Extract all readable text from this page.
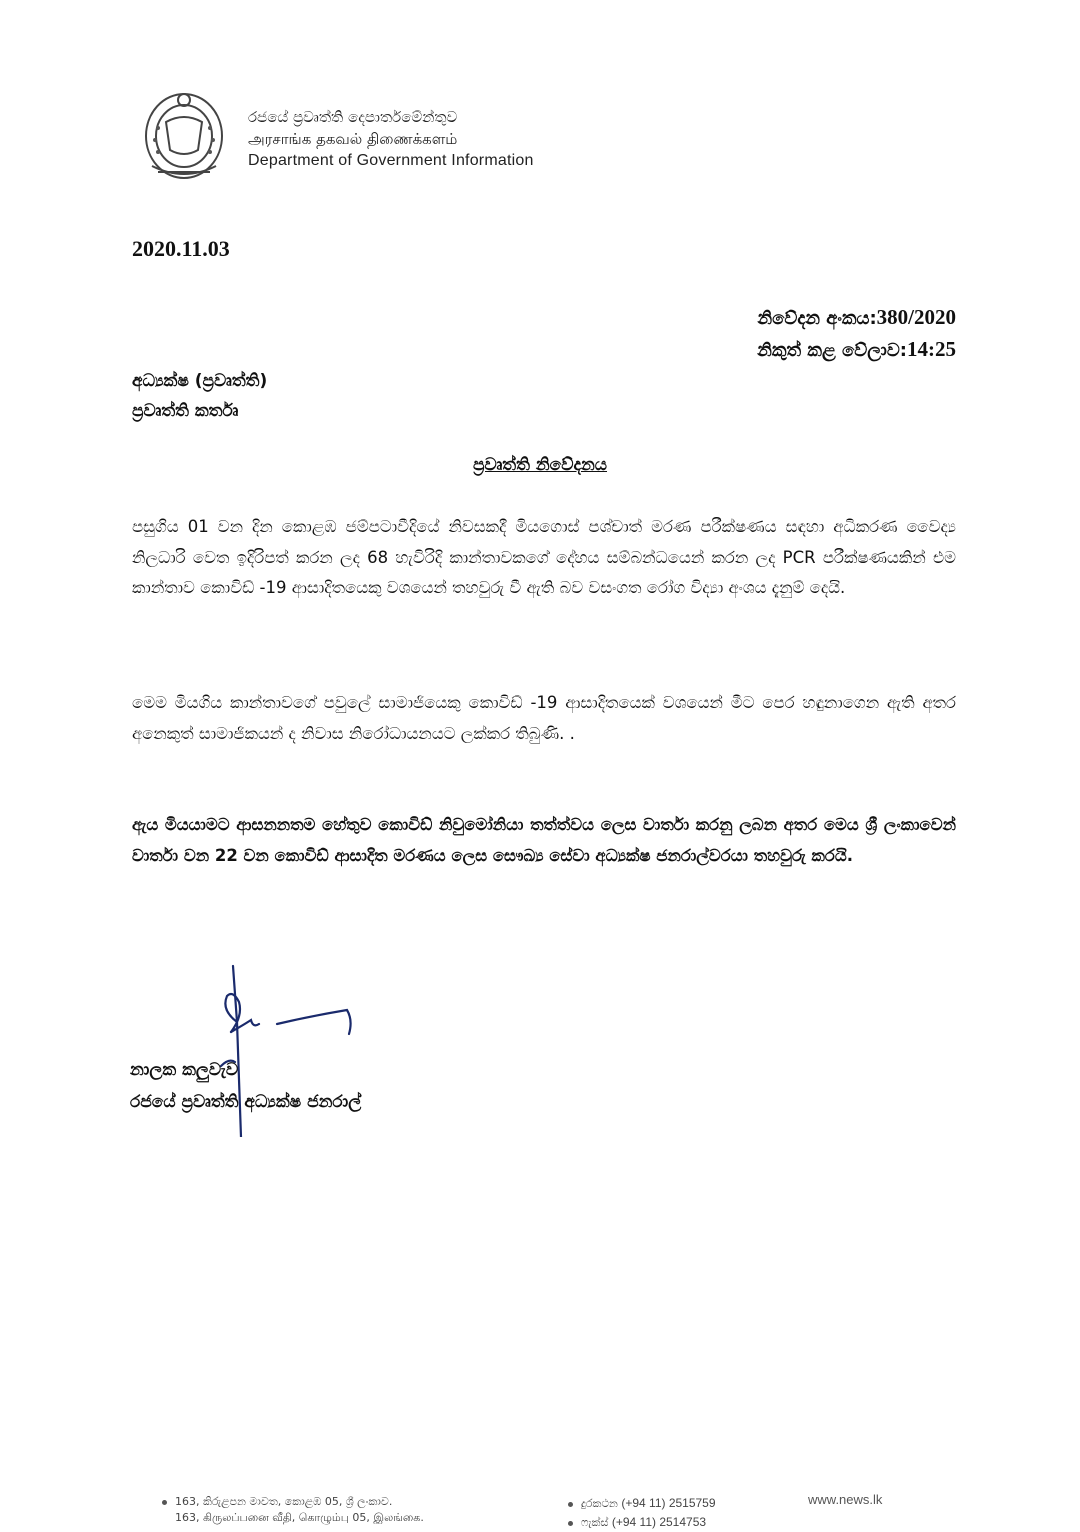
රජයේ ප්‍රවෘත්ති දෙපාර්තමේන්තුව
அரசாங்க தகவல் திணைக்களம்
Department of Government Information
2020.11.03
නිවේදන අංකය:380/2020
නිකුත් කළ වේලාව:14:25
අධ්‍යක්ෂ (ප්‍රවෘත්ති)
ප්‍රවෘත්ති කර්තෘ
ප්‍රවෘත්ති නිවේදනය
පසුගිය 01 වන දින කොළඹ ජම්පටාවීදියේ නිවසකදී මියගොස් පශ්චාත් මරණ පරීක්ෂණය සඳහා අධිකරණ වෛද්‍ය නිලධාරි වෙත ඉදිරිපත් කරන ලද 68 හැවිරිදි කාන්තාවකගේ දේහය සම්බන්ධයෙන් කරන ලද PCR පරීක්ෂණයකින් එම කාන්තාව කොවිඩ් -19 ආසාදිතයෙකු වශයෙන් තහවුරු වී ඇති බව වසංගත රෝග විද්‍යා අංශය දැනුම් දෙයි.
මෙම මියගිය කාන්තාවගේ පවුලේ සාමාජියෙකු කොවිඩ් -19 ආසාදිතයෙක් වශයෙන් මීට පෙර හඳුනාගෙන ඇති අතර අනෙකුත් සාමාජිකයන් ද නිවාස නිරෝධායනයට ලක්කර තිබුණි. .
ඇය මියයාමට ආසනනතම හේතුව කොවිඩ් නිවුමෝනියා තත්ත්වය ලෙස වාර්තා කරනු ලබන අතර මෙය ශ්‍රී ලංකාවෙන් වාර්තා වන 22 වන කොවිඩ් ආසාදිත මරණය ලෙස සෞඛ්‍ය සේවා අධ්‍යක්ෂ ජනරාල්වරයා තහවුරු කරයි.
නාලක කලුවැව
රජයේ ප්‍රවෘත්ති අධ්‍යක්ෂ ජනරාල්
163, කිරුළපන මාවත, කොළඹ 05, ශ්‍රී ලංකාව.
163, கிருலப்பனை வீதி, கொழும்பு 05, இலங்கை.
දුරකථන (+94 11) 2515759
ෆැක්ස් (+94 11) 2514753
www.news.lk
